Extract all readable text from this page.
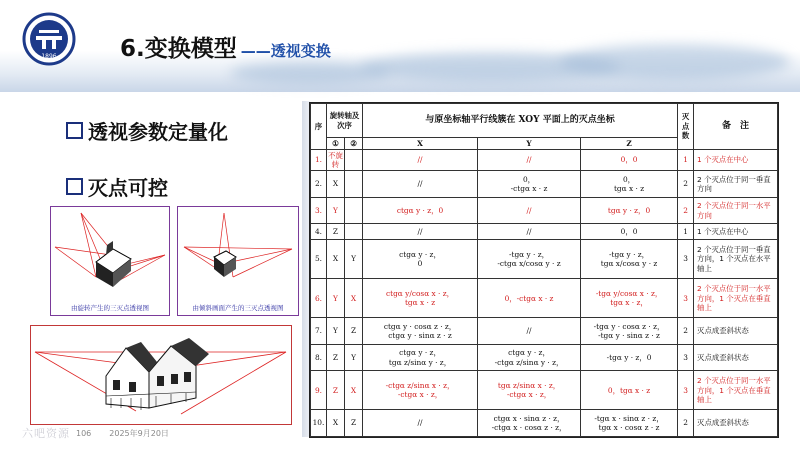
1896	6.变换模型 ——透视变换
透视参数定量化
灭点可控
由旋转产生的三灭点透视图	由倾斜画面产生的三灭点透视图
六吧资源 106 2025年9月20日
序	旋转轴及次序		与原坐标轴平行线簇在 XOY 平面上的灭点坐标			灭点数	备　注
	①	②	X	Y	Z		
1.	不旋转		//	//	0，0	1	1 个灭点在中心
2.	X		//	0，
-ctgα x · z	0，
tgα x · z	2	2 个灭点位于同一垂直方向
3.	Y		ctgα y · z，0	//	tgα y · z，0	2	2 个灭点位于同一水平方向
4.	Z		//	//	0，0	1	1 个灭点在中心
5.	X	Y	ctgα y · z，
0	-tgα y · z，
-ctgα x/cosα y · z	-tgα y · z，
tgα x/cosα y · z	3	2 个灭点位于同一垂直方向，1 个灭点在水平轴上
6.	Y	X	ctgα y/cosα x · z，
tgα x · z	0，-ctgα x · z	-tgα y/cosα x · z，
tgα x · z，	3	2 个灭点位于同一水平方向，1 个灭点在垂直轴上
7.	Y	Z	ctgα y · cosα z · z，
ctgα y · sinα z · z	//	-tgα y · cosα z · z，
-tgα y · sinα z · z	2	灭点成歪斜状态
8.	Z	Y	ctgα y · z，
tgα z/sinα y · z，	ctgα y · z，
-ctgα z/sinα y · z，	-tgα y · z，0	3	灭点成歪斜状态
9.	Z	X	-ctgα z/sinα x · z，
-ctgα x · z，	tgα z/sinα x · z，
-ctgα x · z，	0，tgα x · z	3	2 个灭点位于同一水平方向，1 个灭点在垂直轴上
10.	X	Z	//	ctgα x · sinα z · z，
-ctgα x · cosα z · z，	-tgα x · sinα z · z，
tgα x · cosα z · z	2	灭点成歪斜状态
